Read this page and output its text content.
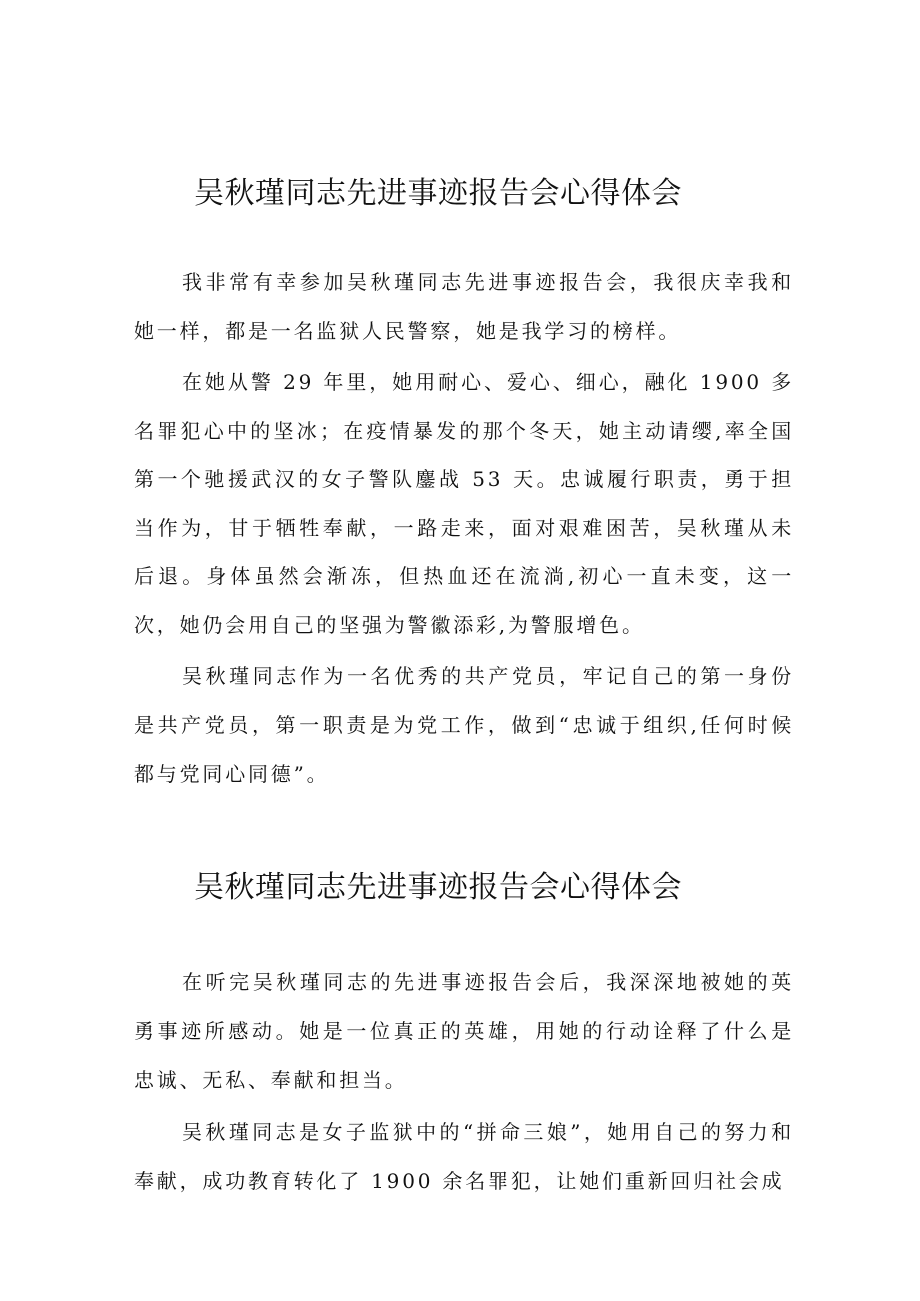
吴秋瑾同志先进事迹报告会心得体会

我非常有幸参加吴秋瑾同志先进事迹报告会，我很庆幸我和她一样，都是一名监狱人民警察，她是我学习的榜样。

在她从警 29 年里，她用耐心、爱心、细心，融化 1900 多名罪犯心中的坚冰；在疫情暴发的那个冬天，她主动请缨,率全国第一个驰援武汉的女子警队鏖战 53 天。忠诚履行职责，勇于担当作为，甘于牺牲奉献，一路走来，面对艰难困苦，吴秋瑾从未后退。身体虽然会渐冻，但热血还在流淌,初心一直未变，这一次，她仍会用自己的坚强为警徽添彩,为警服增色。

吴秋瑾同志作为一名优秀的共产党员，牢记自己的第一身份是共产党员，第一职责是为党工作，做到“忠诚于组织,任何时候都与党同心同德”。

吴秋瑾同志先进事迹报告会心得体会

在听完吴秋瑾同志的先进事迹报告会后，我深深地被她的英勇事迹所感动。她是一位真正的英雄，用她的行动诠释了什么是忠诚、无私、奉献和担当。

吴秋瑾同志是女子监狱中的“拼命三娘”，她用自己的努力和奉献，成功教育转化了 1900 余名罪犯，让她们重新回归社会成
